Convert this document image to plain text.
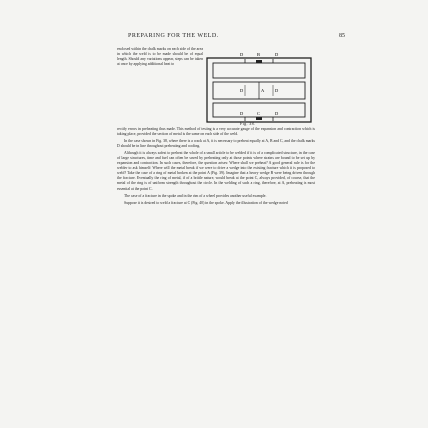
PREPARING FOR THE WELD.	85
enclosed within the chalk marks on each side of the area in which the weld is to be made should be of equal length. Should any variations appear, steps can be taken at once by applying additional heat to
D	B	D
D	A D
D	C	D
Fig. 38.

rectify errors in preheating thus made. This method of testing is a very accurate gauge of the expansion and contraction which is taking place, provided the section of metal is the same on each side of the weld.

In the case shown in Fig. 38, where there is a crack at A, it is necessary to preheat equally at A, B and C, and the chalk marks D should be in line throughout preheating and cooling.

Although it is always safest to preheat the whole of a small article to be welded if it is of a complicated structure, in the case of large structures, time and fuel can often be saved by preheating only at those points where strains are bound to be set up by expansion and contraction. In such cases, therefore, the question arises: Where shall we preheat? A good general rule is for the welder to ask himself: Where will the metal break if we were to drive a wedge into the existing fracture which it is proposed to weld? Take the case of a ring of metal broken at the point A (Fig. 39). Imagine that a heavy wedge B were being driven through the fracture. Eventually the ring of metal, if of a brittle nature, would break at the point C, always provided, of course, that the metal of the ring is of uniform strength throughout the circle. In the welding of such a ring, therefore, at A, preheating is most essential at the point C.

The case of a fracture in the spoke and in the rim of a wheel provides another useful example.

Suppose it is desired to weld a fracture at C (Fig. 40) in the spoke. Apply the illustration of the wedge noted
